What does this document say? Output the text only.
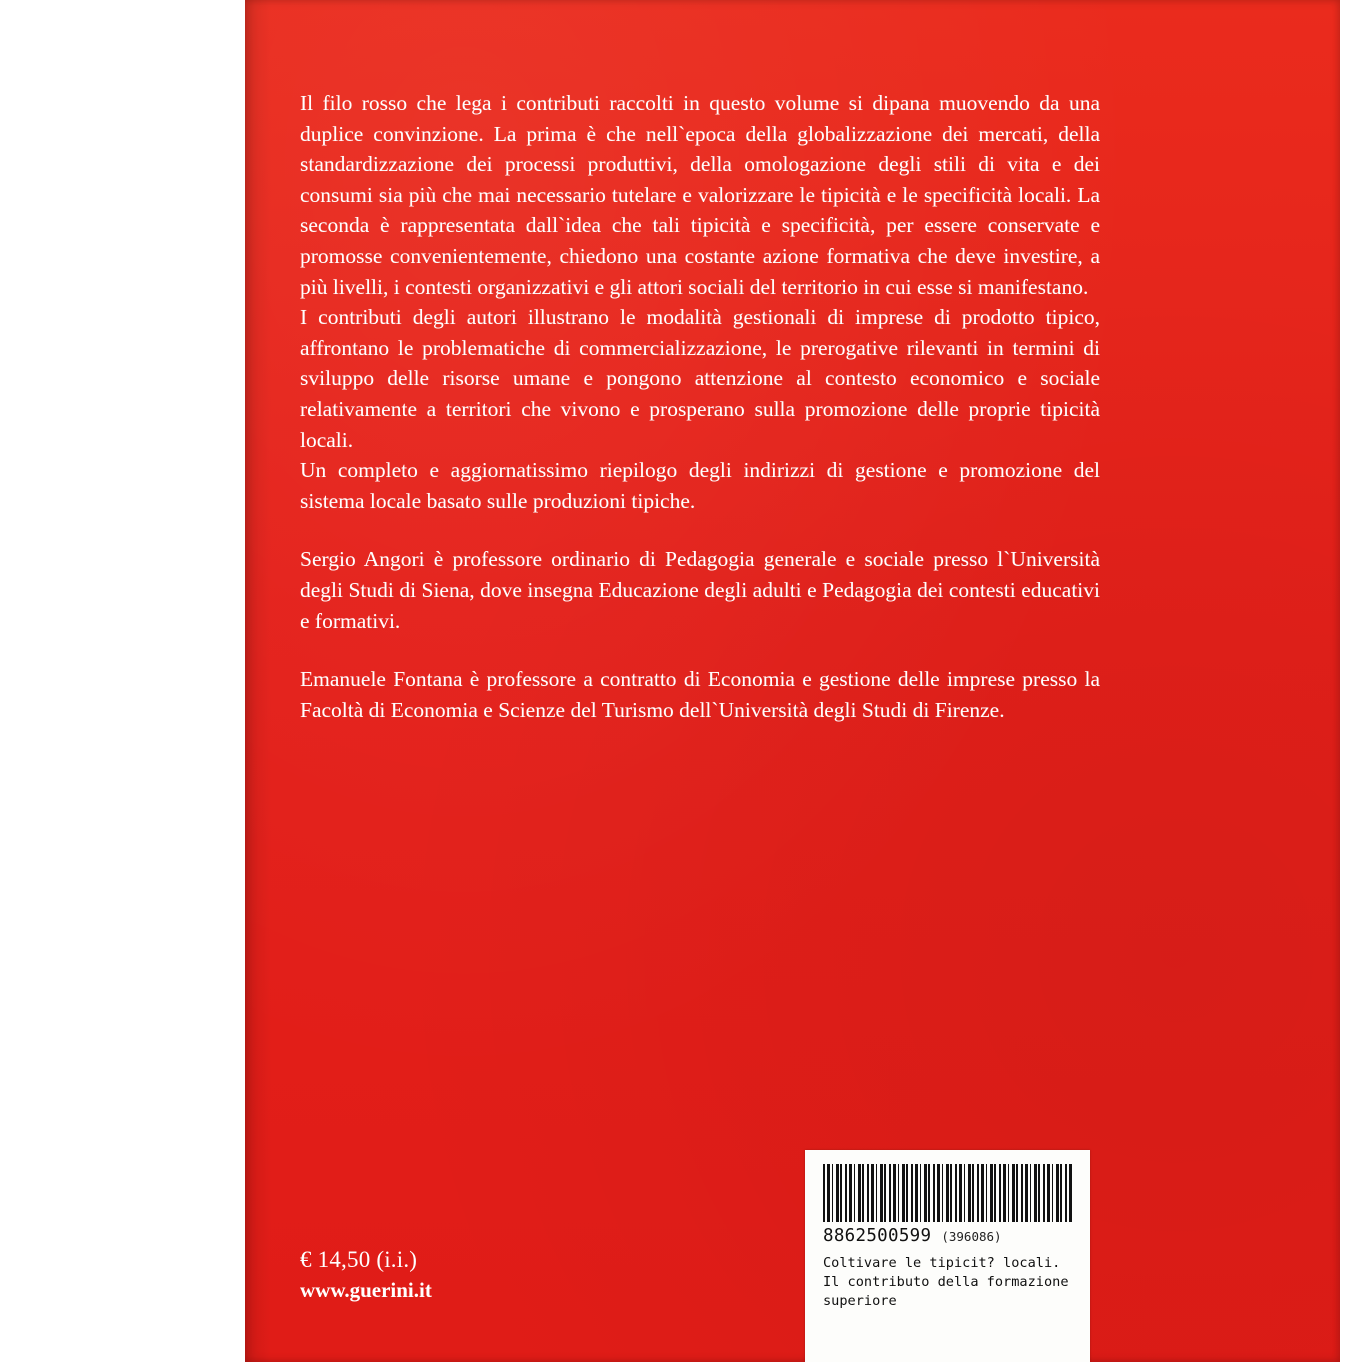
Il filo rosso che lega i contributi raccolti in questo volume si dipana muovendo da una duplice convinzione. La prima è che nell`epoca della globalizzazione dei mercati, della standardizzazione dei processi produttivi, della omologazione degli stili di vita e dei consumi sia più che mai necessario tutelare e valorizzare le tipicità e le specificità locali. La seconda è rappresentata dall`idea che tali tipicità e specificità, per essere conservate e promosse convenientemente, chiedono una costante azione formativa che deve investire, a più livelli, i contesti organizzativi e gli attori sociali del territorio in cui esse si manifestano.

I contributi degli autori illustrano le modalità gestionali di imprese di prodotto tipico, affrontano le problematiche di commercializzazione, le prerogative rilevanti in termini di sviluppo delle risorse umane e pongono attenzione al contesto economico e sociale relativamente a territori che vivono e prosperano sulla promozione delle proprie tipicità locali.

Un completo e aggiornatissimo riepilogo degli indirizzi di gestione e promozione del sistema locale basato sulle produzioni tipiche.

Sergio Angori è professore ordinario di Pedagogia generale e sociale presso l`Università degli Studi di Siena, dove insegna Educazione degli adulti e Pedagogia dei contesti educativi e formativi.

Emanuele Fontana è professore a contratto di Economia e gestione delle imprese presso la Facoltà di Economia e Scienze del Turismo dell`Università degli Studi di Firenze.

€ 14,50 (i.i.)
www.guerini.it
8862500599 (396086)
Coltivare le tipicit? locali. Il contributo della formazione superiore
